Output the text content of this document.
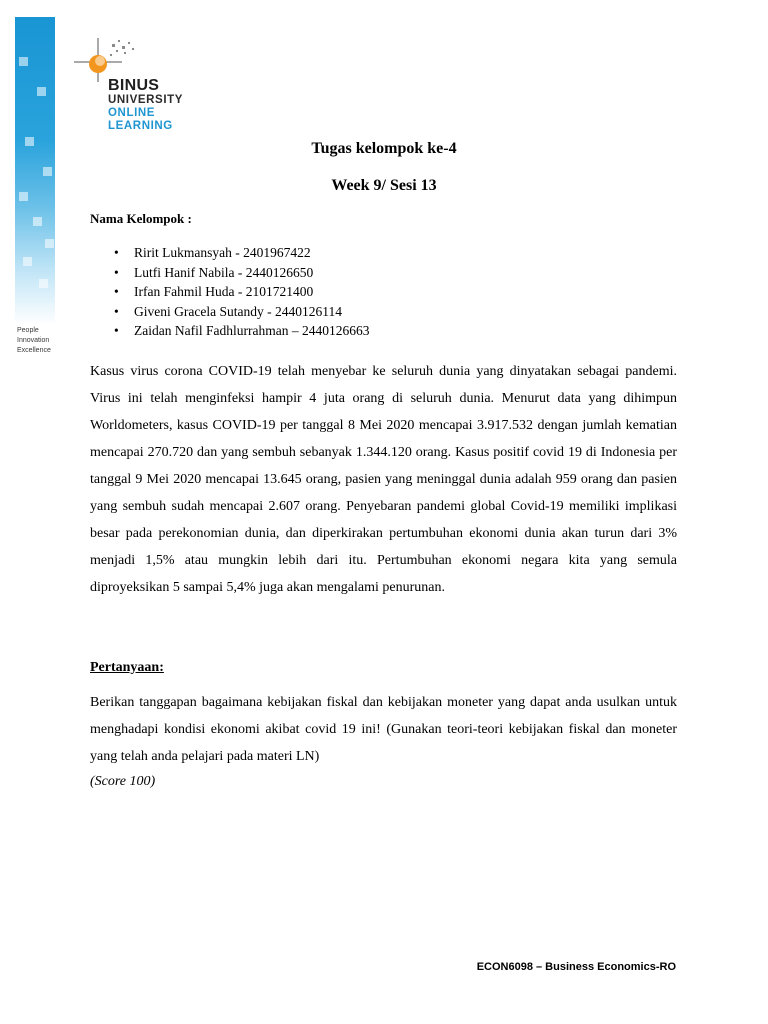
People
Innovation
Excellence
BINUS
UNIVERSITY
ONLINE
LEARNING
Tugas kelompok ke-4
Week 9/ Sesi 13
Nama Kelompok :
• Ririt Lukmansyah - 2401967422
• Lutfi Hanif Nabila - 2440126650
• Irfan Fahmil Huda - 2101721400
• Giveni Gracela Sutandy - 2440126114
• Zaidan Nafil Fadhlurrahman – 2440126663

Kasus virus corona COVID-19 telah menyebar ke seluruh dunia yang dinyatakan sebagai pandemi. Virus ini telah menginfeksi hampir 4 juta orang di seluruh dunia. Menurut data yang dihimpun Worldometers, kasus COVID-19 per tanggal 8 Mei 2020 mencapai 3.917.532 dengan jumlah kematian mencapai 270.720 dan yang sembuh sebanyak 1.344.120 orang. Kasus positif covid 19 di Indonesia per tanggal 9 Mei 2020 mencapai 13.645 orang, pasien yang meninggal dunia adalah 959 orang dan pasien yang sembuh sudah mencapai 2.607 orang. Penyebaran pandemi global Covid-19 memiliki implikasi besar pada perekonomian dunia, dan diperkirakan pertumbuhan ekonomi dunia akan turun dari 3% menjadi 1,5% atau mungkin lebih dari itu. Pertumbuhan ekonomi negara kita yang semula diproyeksikan 5 sampai 5,4% juga akan mengalami penurunan.

Pertanyaan:

Berikan tanggapan bagaimana kebijakan fiskal dan kebijakan moneter yang dapat anda usulkan untuk menghadapi kondisi ekonomi akibat covid 19 ini! (Gunakan teori-teori kebijakan fiskal dan moneter yang telah anda pelajari pada materi LN)

(Score 100)
ECON6098 – Business Economics-RO
